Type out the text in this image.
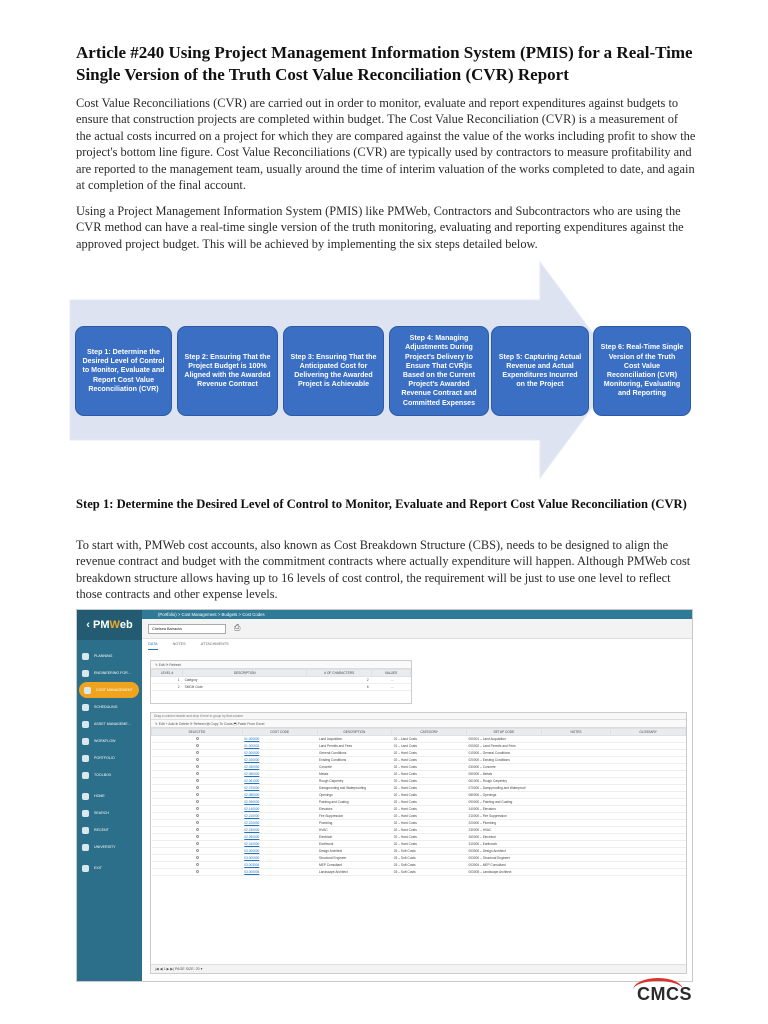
Article #240 Using Project Management Information System (PMIS) for a Real-Time Single Version of the Truth Cost Value Reconciliation (CVR) Report
Cost Value Reconciliations (CVR) are carried out in order to monitor, evaluate and report expenditures against budgets to ensure that construction projects are completed within budget. The Cost Value Reconciliation (CVR) is a measurement of the actual costs incurred on a project for which they are compared against the value of the works including profit to show the project's bottom line figure. Cost Value Reconciliations (CVR) are typically used by contractors to measure profitability and are reported to the management team, usually around the time of interim valuation of the works completed to date, and again at completion of the final account.
Using a Project Management Information System (PMIS) like PMWeb, Contractors and Subcontractors who are using the CVR method can have a real-time single version of the truth monitoring, evaluating and reporting expenditures against the approved project budget. This will be achieved by implementing the six steps detailed below.
Step 1: Determine the Desired Level of Control to Monitor, Evaluate and Report Cost Value Reconciliation (CVR)
Step 2: Ensuring That the Project Budget is 100% Aligned with the Awarded Revenue Contract
Step 3: Ensuring That the Anticipated Cost for Delivering the Awarded Project is Achievable
Step 4: Managing Adjustments During Project's Delivery to Ensure That CVR)is Based on the Current Project's Awarded Revenue Contract and Committed Expenses
Step 5: Capturing Actual Revenue and Actual Expenditures Incurred on the Project
Step 6: Real-Time Single Version of the Truth Cost Value Reconciliation (CVR) Monitoring, Evaluating and Reporting
Step 1: Determine the Desired Level of Control to Monitor, Evaluate and Report Cost Value Reconciliation (CVR)
To start with, PMWeb cost accounts, also known as Cost Breakdown Structure (CBS), needs to be designed to align the revenue contract and budget with the commitment contracts where actually expenditure will happen. Although PMWeb cost breakdown structure allows having up to 16 levels of cost control, the requirement will be just to use one level to reflect those contracts and other expense levels.
‹ PM W eb
PLANNING
ENGINEERING FOR...
COST MANAGEMENT
SCHEDULING
ASSET MANAGEME...
WORKFLOW
PORTFOLIO
TOOLBOX
HOME
SEARCH
RECENT
UNIVERSITY
EXIT
(Portfolio) > Cost Management > Budgets > Cost Codes
Chelsea Barracks	⎙
DATA	NOTES	ATTACHMENTS
✎ Edit ⟳ Refresh
LEVEL #	DESCRIPTION	# OF CHARACTERS	VALUES
1	Category	2	…
2	SMCM Code	6	…
Drag a column header and drop it here to group by that column
✎ Edit + Add ⊗ Delete ⟳ Refresh ▤ Copy To Costs ⬒ Paste From Excel
SELECTED	COST CODE	DESCRIPTION	CATEGORY	SETUP CODE	NOTES	GLOSSARY
	01.000000	Land Acquisition	01 – Land Costs	000001 – Land Acquisition		
	01.000002	Land Permits and Fees	01 – Land Costs	000002 – Land Permits and Fees		
	02.000000	General Conditions	02 – Hard Costs	010000 – General Conditions		
	02.020000	Existing Conditions	02 – Hard Costs	020000 – Existing Conditions		
	02.030000	Concrete	02 – Hard Costs	030000 – Concrete		
	02.050000	Metals	02 – Hard Costs	050000 – Metals		
	02.061000	Rough Carpentry	02 – Hard Costs	061000 – Rough Carpentry		
	02.070000	Dampproofing and Waterproofing	02 – Hard Costs	070000 – Dampproofing and Waterproof		
	02.080000	Openings	02 – Hard Costs	080000 – Openings		
	02.090000	Painting and Coating	02 – Hard Costs	090000 – Painting and Coating		
	02.140000	Elevators	02 – Hard Costs	140000 – Elevators		
	02.210000	Fire Suppression	02 – Hard Costs	210000 – Fire Suppression		
	02.220000	Plumbing	02 – Hard Costs	220000 – Plumbing		
	02.230000	HVAC	02 – Hard Costs	230000 – HVAC		
	02.260000	Electrical	02 – Hard Costs	260000 – Electrical		
	02.310000	Earthwork	02 – Hard Costs	310000 – Earthwork		
	03.000000	Design Architect	03 – Soft Costs	003000 – Design Architect		
	03.000000	Structural Engineer	03 – Soft Costs	003000 – Structural Engineer		
	03.003004	MEP Consultant	03 – Soft Costs	003004 – MEP Consultant		
	03.000005	Landscape Architect	03 – Soft Costs	003005 – Landscape Architect		
|◀ ◀ 1 ▶ ▶| PAGE SIZE: 20 ▾
CMCS
